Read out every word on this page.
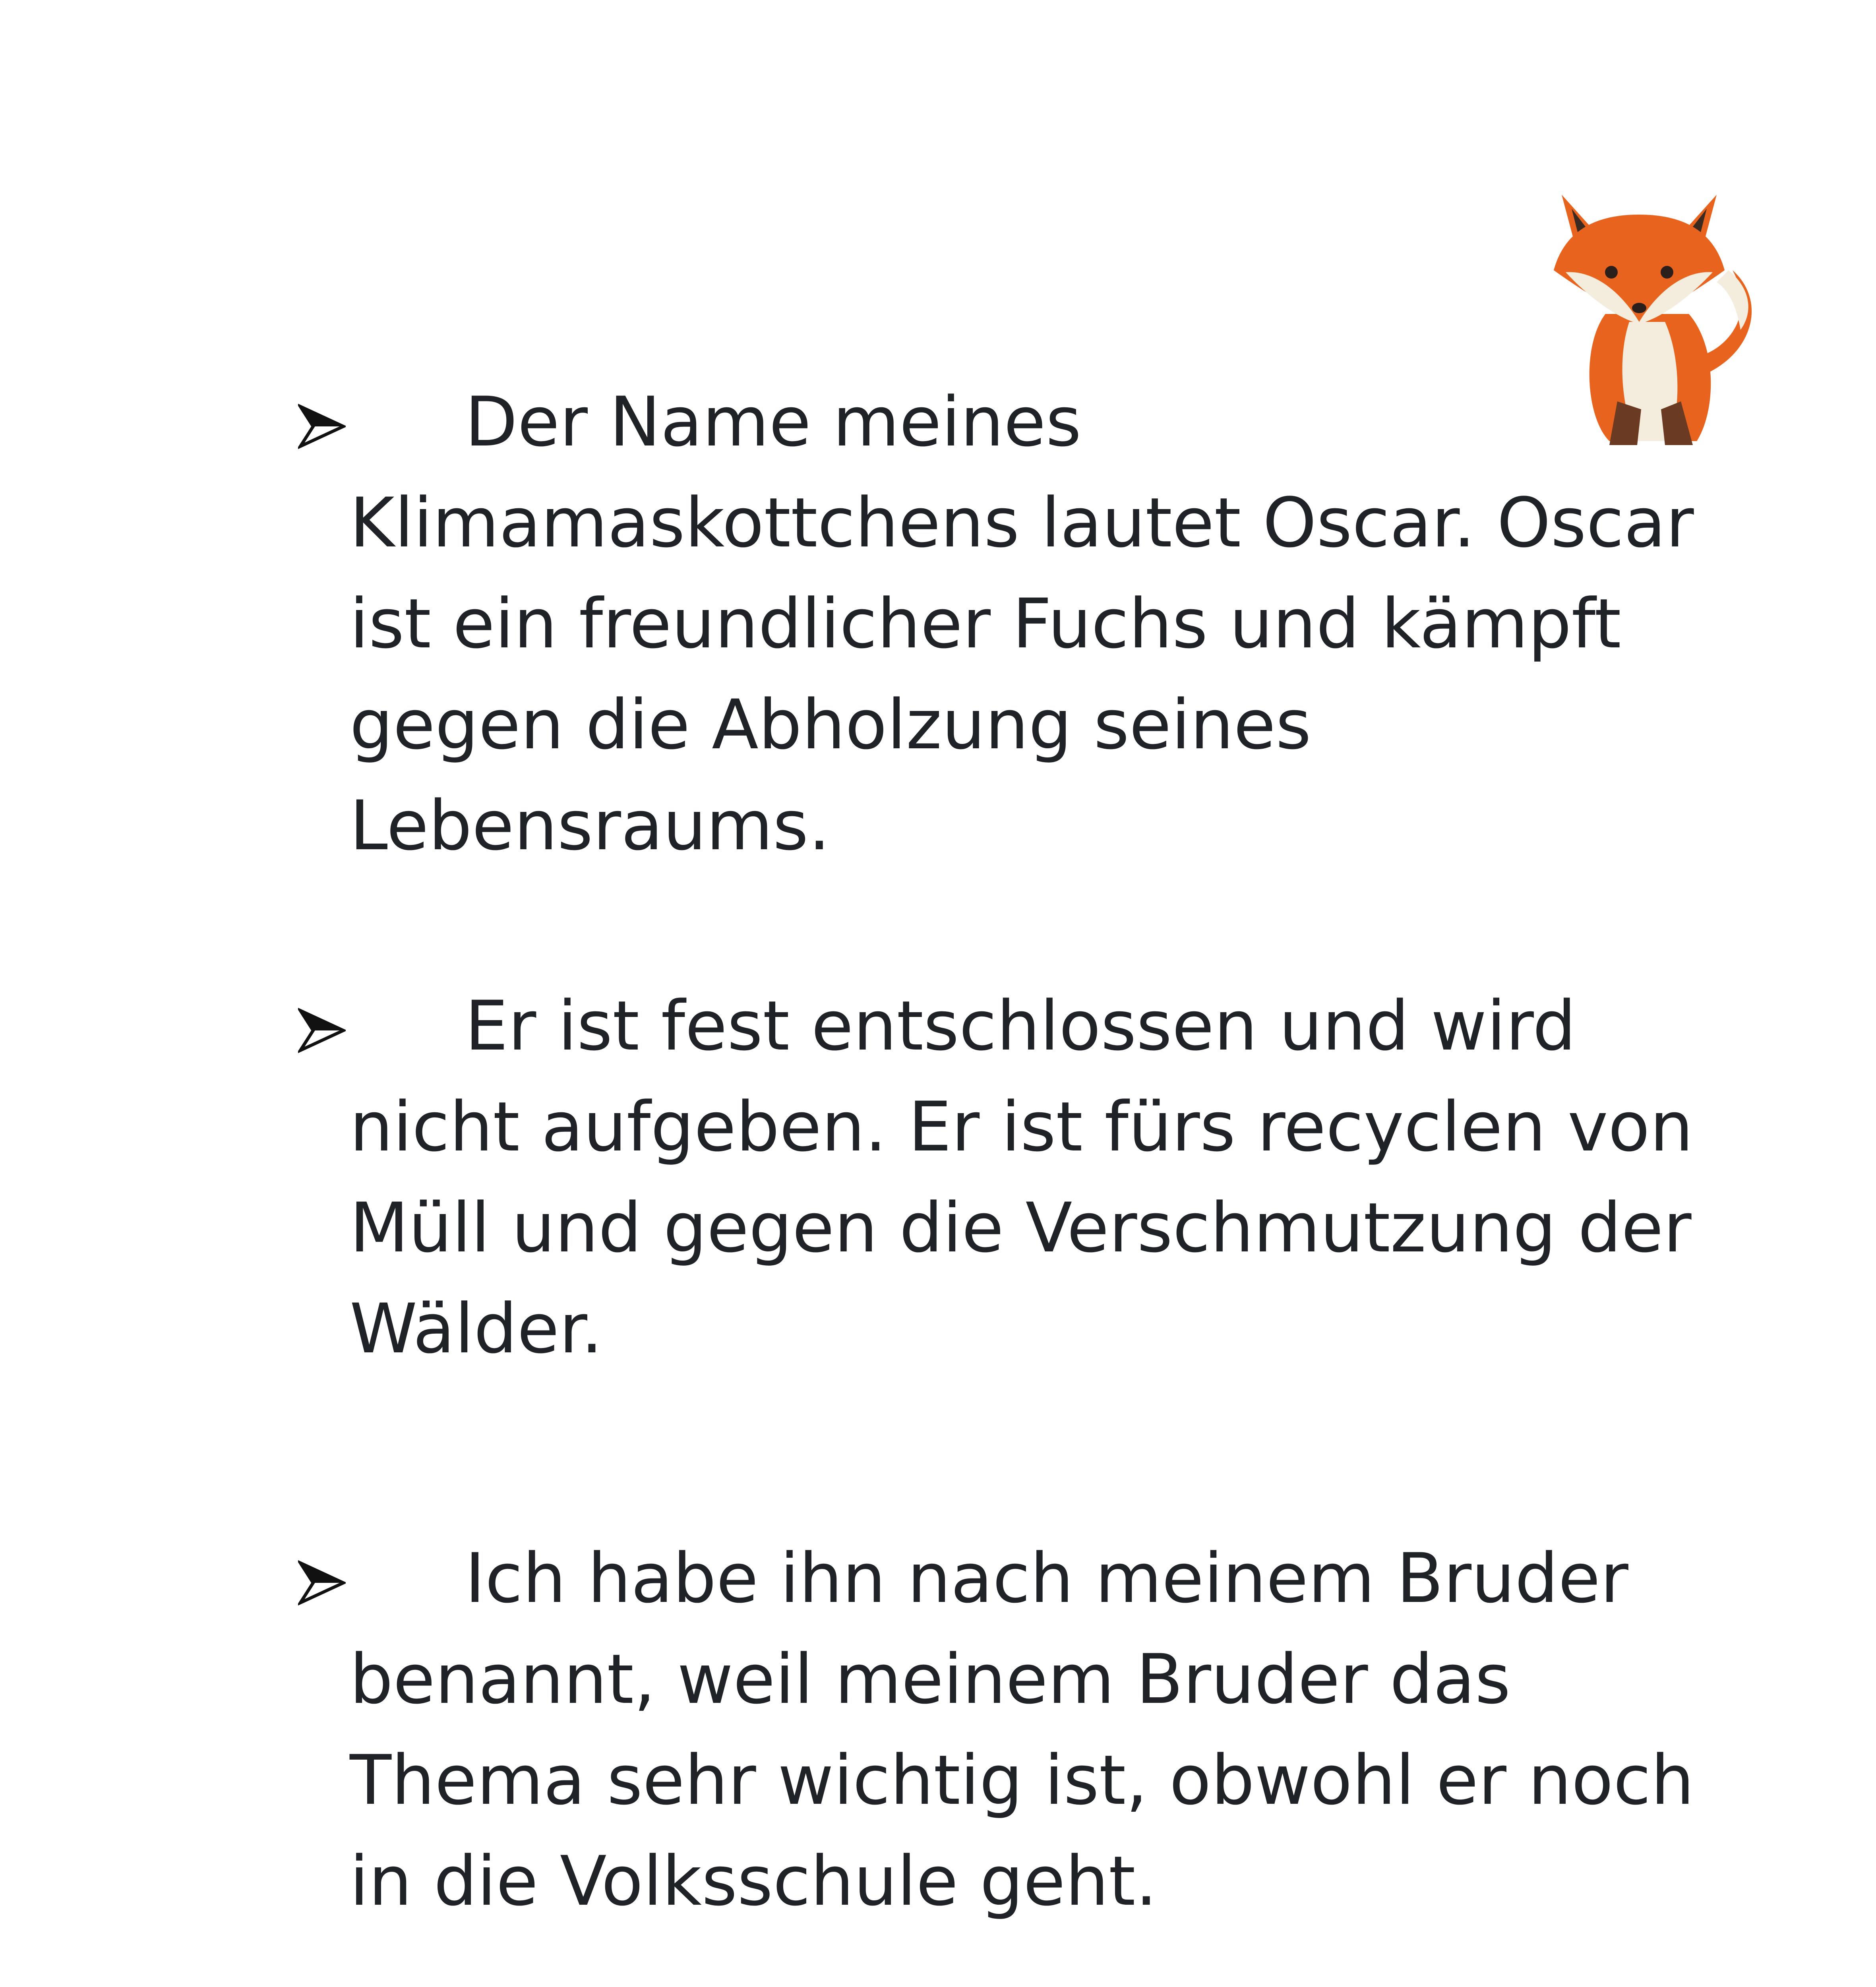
Der Name meines Klimamaskottchens lautet Oscar. Oscar ist ein freundlicher Fuchs und kämpft gegen die Abholzung seines Lebensraums.

Er ist fest entschlossen und wird nicht aufgeben. Er ist fürs recyclen von Müll und gegen die Verschmutzung der Wälder.

Ich habe ihn nach meinem Bruder benannt, weil meinem Bruder das Thema sehr wichtig ist, obwohl er noch in die Volksschule geht.
